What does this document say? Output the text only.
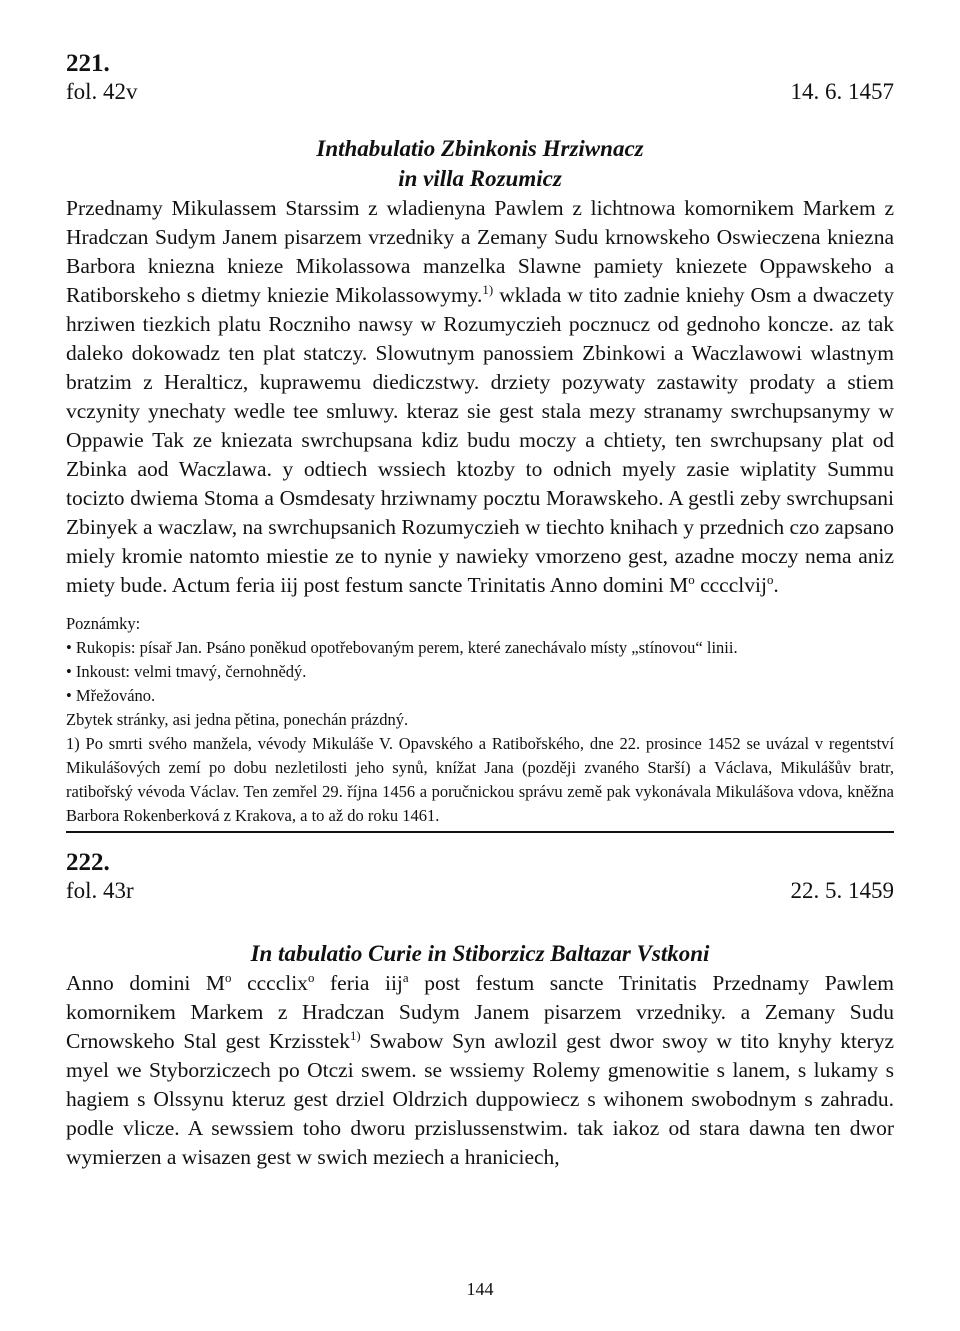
221.

fol. 42v	14. 6. 1457

Inthabulatio Zbinkonis Hrziwnacz

in villa Rozumicz

Przednamy Mikulassem Starssim z wladienyna Pawlem z lichtnowa komornikem Markem z Hradczan Sudym Janem pisarzem vrzedniky a Zemany Sudu krnowskeho Oswieczena kniezna Barbora kniezna knieze Mikolassowa manzelka Slawne pamiety kniezete Oppawskeho a Ratiborskeho s dietmy kniezie Mikolassowymy.$^{1)}$ wklada w tito zadnie kniehy Osm a dwaczety hrziwen tiezkich platu Roczniho nawsy w Rozumyczieh pocznucz od gednoho koncze. az tak daleko dokowadz ten plat statczy. Slowutnym panossiem Zbinkowi a Waczlawowi wlastnym bratzim z Heralticz, kuprawemu diediczstwy. drziety pozywaty zastawity prodaty a stiem vczynity ynechaty wedle tee smluwy. kteraz sie gest stala mezy stranamy swrchupsanymy w Oppawie Tak ze kniezata swrchupsana kdiz budu moczy a chtiety, ten swrchupsany plat od Zbinka aod Waczlawa. y odtiech wssiech ktozby to odnich myely zasie wiplatity Summu tocizto dwiema Stoma a Osmdesaty hrziwnamy pocztu Morawskeho. A gestli zeby swrchupsani Zbinyek a waczlaw, na swrchupsanich Rozumyczieh w tiechto knihach y przednich czo zapsano miely kromie natomto miestie ze to nynie y nawieky vmorzeno gest, azadne moczy nema aniz miety bude. Actum feria iij post festum sancte Trinitatis Anno domini $M^o$ cccclvij$^o$.

Poznámky:

• Rukopis: písař Jan. Psáno poněkud opotřebovaným perem, které zanechávalo místy „stínovou“ linii.

• Inkoust: velmi tmavý, černohnědý.

• Mřežováno.

Zbytek stránky, asi jedna pětina, ponechán prázdný.

1) Po smrti svého manžela, vévody Mikuláše V. Opavského a Ratibořského, dne 22. prosince 1452 se uvázal v regentství Mikulášových zemí po dobu nezletilosti jeho synů, knížat Jana (později zvaného Starší) a Václava, Mikulášův bratr, ratibořský vévoda Václav. Ten zemřel 29. října 1456 a poručnickou správu země pak vykonávala Mikulášova vdova, kněžna Barbora Rokenberková z Krakova, a to až do roku 1461.

222.

fol. 43r	22. 5. 1459

In tabulatio Curie in Stiborzicz Baltazar Vstkoni

Anno domini $M^o$ cccclix$^o$ feria iij$^a$ post festum sancte Trinitatis Przednamy Pawlem komornikem Markem z Hradczan Sudym Janem pisarzem vrzedniky. a Zemany Sudu Crnowskeho Stal gest Krzisstek$^{1)}$ Swabow Syn awlozil gest dwor swoy w tito knyhy kteryz myel we Styborziczech po Otczi swem. se wssiemy Rolemy gmenowitie s lanem, s lukamy s hagiem s Olssynu kteruz gest drziel Oldrzich duppowiecz s wihonem swobodnym s zahradu. podle vlicze. A sewssiem toho dworu przislussenstwim. tak iakoz od stara dawna ten dwor wymierzen a wisazen gest w swich meziech a hraniciech,

144
